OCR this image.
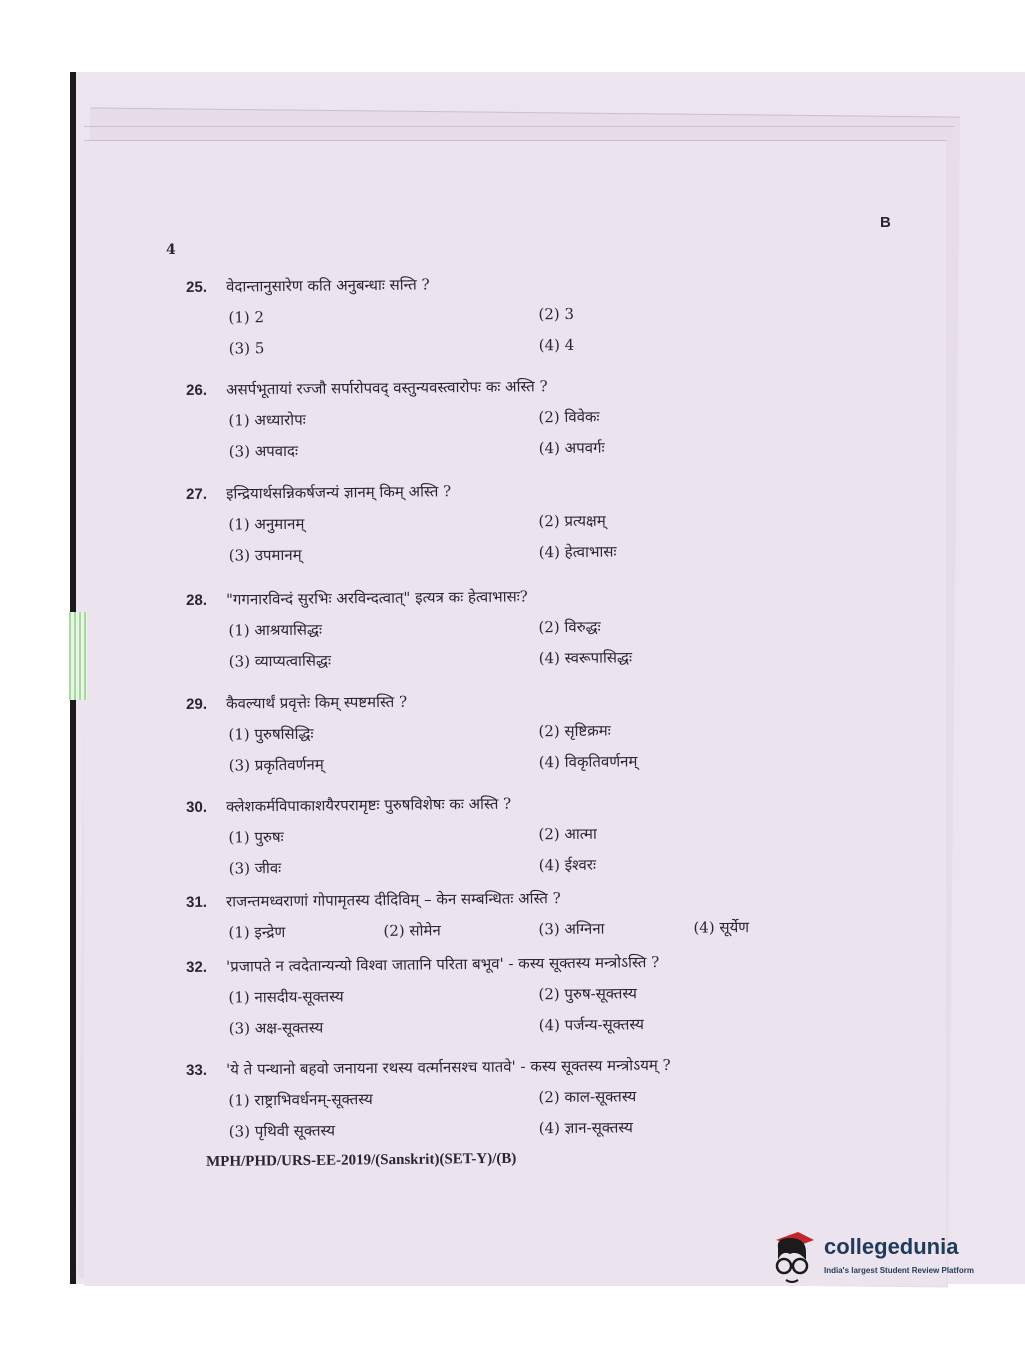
B
4
25. वेदान्तानुसारेण कति अनुबन्धाः सन्ति ?
(1) 2	(2) 3
(3) 5	(4) 4
26. असर्पभूतायां रज्जौ सर्पारोपवद् वस्तुन्यवस्त्वारोपः कः अस्ति ?
(1) अध्यारोपः	(2) विवेकः
(3) अपवादः	(4) अपवर्गः
27. इन्द्रियार्थसन्निकर्षजन्यं ज्ञानम् किम् अस्ति ?
(1) अनुमानम्	(2) प्रत्यक्षम्
(3) उपमानम्	(4) हेत्वाभासः
28. "गगनारविन्दं सुरभिः अरविन्दत्वात्" इत्यत्र कः हेत्वाभासः?
(1) आश्रयासिद्धः	(2) विरुद्धः
(3) व्याप्यत्वासिद्धः	(4) स्वरूपासिद्धः
29. कैवल्यार्थं प्रवृत्तेः किम् स्पष्टमस्ति ?
(1) पुरुषसिद्धिः	(2) सृष्टिक्रमः
(3) प्रकृतिवर्णनम्	(4) विकृतिवर्णनम्
30. क्लेशकर्मविपाकाशयैरपरामृष्टः पुरुषविशेषः कः अस्ति ?
(1) पुरुषः	(2) आत्मा
(3) जीवः	(4) ईश्वरः
31. राजन्तमध्वराणां गोपामृतस्य दीदिविम् – केन सम्बन्धितः अस्ति ?
(1) इन्द्रेण	(2) सोमेन	(3) अग्निना	(4) सूर्येण
32. 'प्रजापते न त्वदेतान्यन्यो विश्वा जातानि परिता बभूव' - कस्य सूक्तस्य मन्त्रोऽस्ति ?
(1) नासदीय-सूक्तस्य	(2) पुरुष-सूक्तस्य
(3) अक्ष-सूक्तस्य	(4) पर्जन्य-सूक्तस्य
33. 'ये ते पन्थानो बहवो जनायना रथस्य वर्त्मानसश्च यातवे' - कस्य सूक्तस्य मन्त्रोऽयम् ?
(1) राष्ट्राभिवर्धनम्-सूक्तस्य	(2) काल-सूक्तस्य
(3) पृथिवी सूक्तस्य	(4) ज्ञान-सूक्तस्य
MPH/PHD/URS-EE-2019/(Sanskrit)(SET-Y)/(B)
collegedunia
India's largest Student Review Platform
